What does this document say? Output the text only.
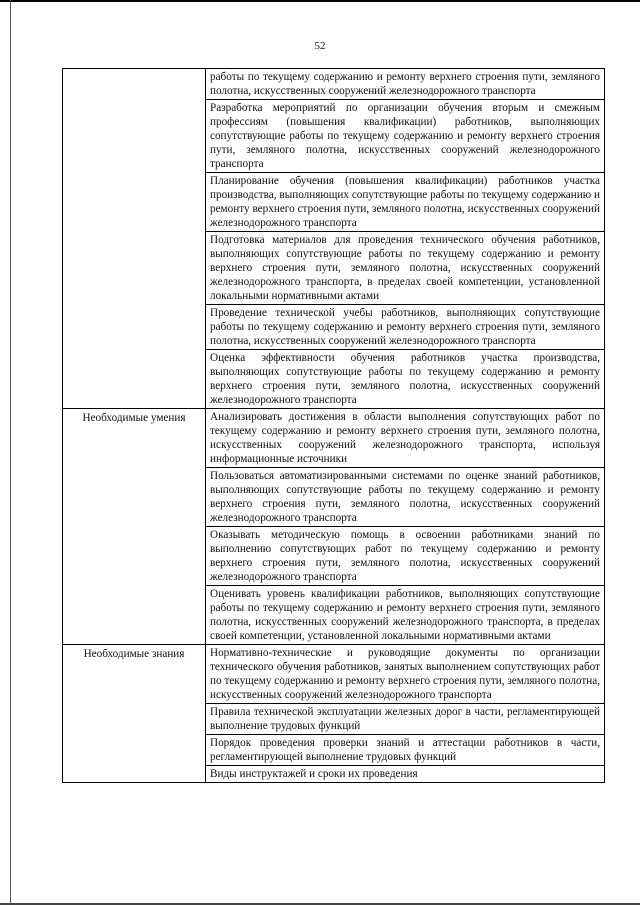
52
	работы по текущему содержанию и ремонту верхнего строения пути, земляного полотна, искусственных сооружений железнодорожного транспорта
	Разработка мероприятий по организации обучения вторым и смежным профессиям (повышения квалификации) работников, выполняющих сопутствующие работы по текущему содержанию и ремонту верхнего строения пути, земляного полотна, искусственных сооружений железнодорожного транспорта
	Планирование обучения (повышения квалификации) работников участка производства, выполняющих сопутствующие работы по текущему содержанию и ремонту верхнего строения пути, земляного полотна, искусственных сооружений железнодорожного транспорта
	Подготовка материалов для проведения технического обучения работников, выполняющих сопутствующие работы по текущему содержанию и ремонту верхнего строения пути, земляного полотна, искусственных сооружений железнодорожного транспорта, в пределах своей компетенции, установленной локальными нормативными актами
	Проведение технической учебы работников, выполняющих сопутствующие работы по текущему содержанию и ремонту верхнего строения пути, земляного полотна, искусственных сооружений железнодорожного транспорта
	Оценка эффективности обучения работников участка производства, выполняющих сопутствующие работы по текущему содержанию и ремонту верхнего строения пути, земляного полотна, искусственных сооружений железнодорожного транспорта
Необходимые умения	Анализировать достижения в области выполнения сопутствующих работ по текущему содержанию и ремонту верхнего строения пути, земляного полотна, искусственных сооружений железнодорожного транспорта, используя информационные источники
	Пользоваться автоматизированными системами по оценке знаний работников, выполняющих сопутствующие работы по текущему содержанию и ремонту верхнего строения пути, земляного полотна, искусственных сооружений железнодорожного транспорта
	Оказывать методическую помощь в освоении работниками знаний по выполнению сопутствующих работ по текущему содержанию и ремонту верхнего строения пути, земляного полотна, искусственных сооружений железнодорожного транспорта
	Оценивать уровень квалификации работников, выполняющих сопутствующие работы по текущему содержанию и ремонту верхнего строения пути, земляного полотна, искусственных сооружений железнодорожного транспорта, в пределах своей компетенции, установленной локальными нормативными актами
Необходимые знания	Нормативно-технические и руководящие документы по организации технического обучения работников, занятых выполнением сопутствующих работ по текущему содержанию и ремонту верхнего строения пути, земляного полотна, искусственных сооружений железнодорожного транспорта
	Правила технической эксплуатации железных дорог в части, регламентирующей выполнение трудовых функций
	Порядок проведения проверки знаний и аттестации работников в части, регламентирующей выполнение трудовых функций
	Виды инструктажей и сроки их проведения
